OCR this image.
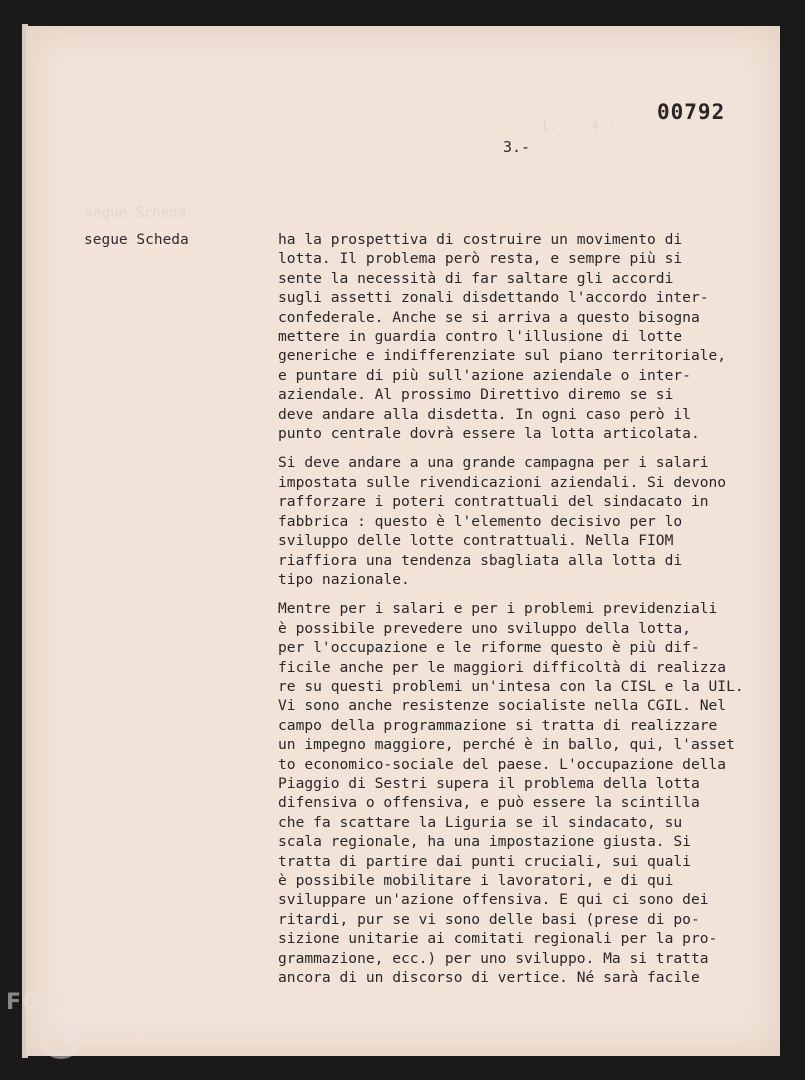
1.-   4.-
segue Scheda
00792
3.-
segue Scheda	ha la prospettiva di costruire un movimento di
lotta. Il problema però resta, e sempre più si
sente la necessità di far saltare gli accordi
sugli assetti zonali disdettando l'accordo inter-
confederale. Anche se si arriva a questo bisogna
mettere in guardia contro l'illusione di lotte
generiche e indifferenziate sul piano territoriale,
e puntare di più sull'azione aziendale o inter-
aziendale. Al prossimo Direttivo diremo se si
deve andare alla disdetta. In ogni caso però il
punto centrale dovrà essere la lotta articolata.
Si deve andare a una grande campagna per i salari
impostata sulle rivendicazioni aziendali. Si devono
rafforzare i poteri contrattuali del sindacato in
fabbrica : questo è l'elemento decisivo per lo
sviluppo delle lotte contrattuali. Nella FIOM
riaffiora una tendenza sbagliata alla lotta di
tipo nazionale.
Mentre per i salari e per i problemi previdenziali
è possibile prevedere uno sviluppo della lotta,
per l'occupazione e le riforme questo è più dif-
ficile anche per le maggiori difficoltà di realizza
re su questi problemi un'intesa con la CISL e la UIL.
Vi sono anche resistenze socialiste nella CGIL. Nel
campo della programmazione si tratta di realizzare
un impegno maggiore, perché è in ballo, qui, l'asset
to economico-sociale del paese. L'occupazione della
Piaggio di Sestri supera il problema della lotta
difensiva o offensiva, e può essere la scintilla
che fa scattare la Liguria se il sindacato, su
scala regionale, ha una impostazione giusta. Si
tratta di partire dai punti cruciali, sui quali
è possibile mobilitare i lavoratori, e di qui
sviluppare un'azione offensiva. E qui ci sono dei
ritardi, pur se vi sono delle basi (prese di po-
sizione unitarie ai comitati regionali per la pro-
grammazione, ecc.) per uno sviluppo. Ma si tratta
ancora di un discorso di vertice. Né sarà facile
FONDAZIONE
RAMSCI
